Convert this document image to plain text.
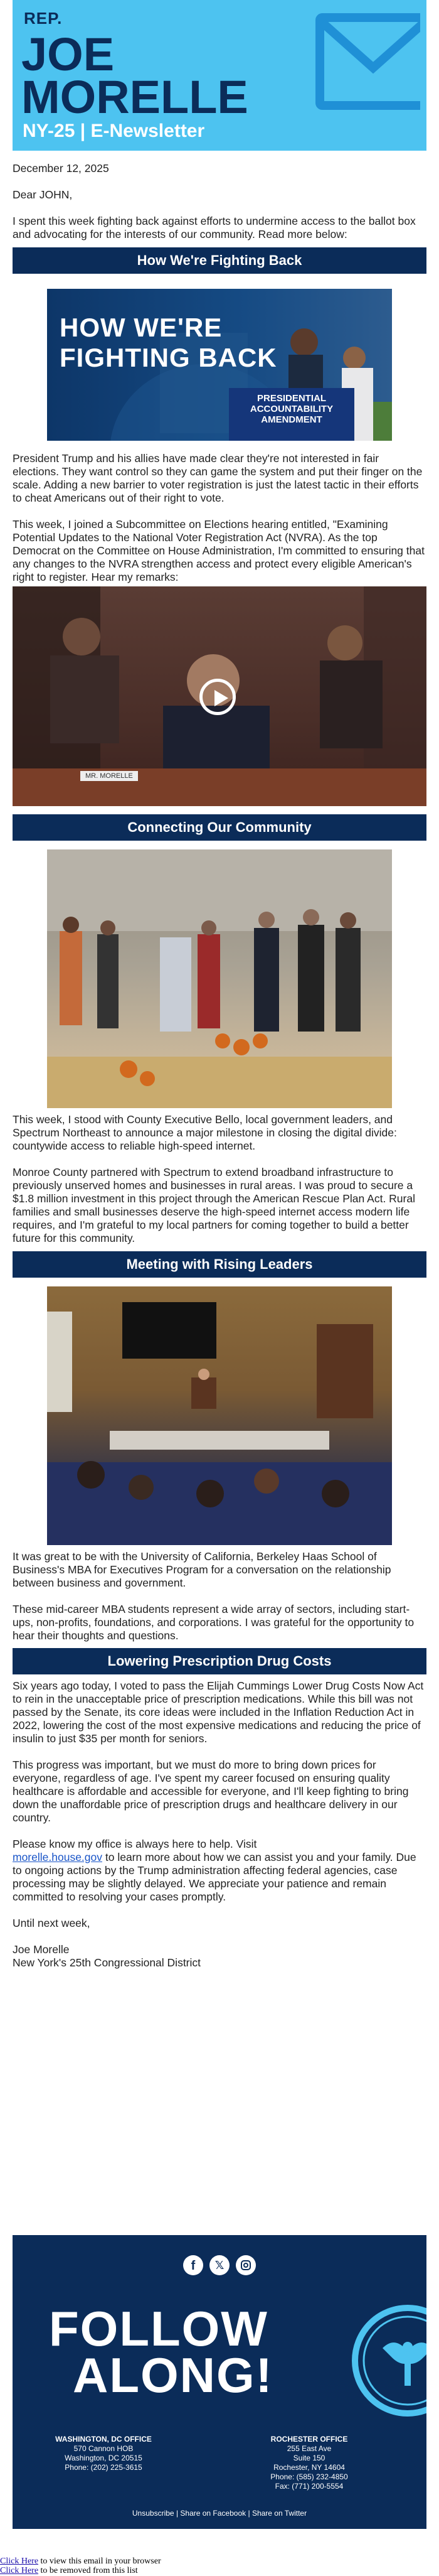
REP.
JOE
MORELLE
NY-25 | E-Newsletter

December 12, 2025

Dear JOHN,

I spent this week fighting back against efforts to undermine access to the ballot box and advocating for the interests of our community. Read more below:

How We're Fighting Back
HOW WE'RE
FIGHTING BACK
PRESIDENTIAL
ACCOUNTABILITY
AMENDMENT

President Trump and his allies have made clear they're not interested in fair elections. They want control so they can game the system and put their finger on the scale. Adding a new barrier to voter registration is just the latest tactic in their efforts to cheat Americans out of their right to vote.

This week, I joined a Subcommittee on Elections hearing entitled, "Examining Potential Updates to the National Voter Registration Act (NVRA). As the top Democrat on the Committee on House Administration, I'm committed to ensuring that any changes to the NVRA strengthen access and protect every eligible American's right to register. Hear my remarks:

MR. MORELLE
Connecting Our Community

This week, I stood with County Executive Bello, local government leaders, and Spectrum Northeast to announce a major milestone in closing the digital divide: countywide access to reliable high-speed internet.

Monroe County partnered with Spectrum to extend broadband infrastructure to previously unserved homes and businesses in rural areas. I was proud to secure a $1.8 million investment in this project through the American Rescue Plan Act. Rural families and small businesses deserve the high-speed internet access modern life requires, and I'm grateful to my local partners for coming together to build a better future for this community.

Meeting with Rising Leaders

It was great to be with the University of California, Berkeley Haas School of Business's MBA for Executives Program for a conversation on the relationship between business and government.

These mid-career MBA students represent a wide array of sectors, including start-ups, non-profits, foundations, and corporations. I was grateful for the opportunity to hear their thoughts and questions.

Lowering Prescription Drug Costs

Six years ago today, I voted to pass the Elijah Cummings Lower Drug Costs Now Act to rein in the unacceptable price of prescription medications. While this bill was not passed by the Senate, its core ideas were included in the Inflation Reduction Act in 2022, lowering the cost of the most expensive medications and reducing the price of insulin to just $35 per month for seniors.

This progress was important, but we must do more to bring down prices for everyone, regardless of age. I've spent my career focused on ensuring quality healthcare is affordable and accessible for everyone, and I'll keep fighting to bring down the unaffordable price of prescription drugs and healthcare delivery in our country.

Please know my office is always here to help. Visit
morelle.house.gov to learn more about how we can assist you and your family. Due to ongoing actions by the Trump administration affecting federal agencies, case processing may be slightly delayed. We appreciate your patience and remain committed to resolving your cases promptly.

Until next week,

Joe Morelle

New York's 25th Congressional District

f	𝕏
FOLLOW
ALONG!
WASHINGTON, DC OFFICE
570 Cannon HOB
Washington, DC 20515
Phone: (202) 225-3615
ROCHESTER OFFICE
255 East Ave
Suite 150
Rochester, NY 14604
Phone: (585) 232-4850
Fax: (771) 200-5554
Unsubscribe | Share on Facebook | Share on Twitter
Click Here to view this email in your browser
Click Here to be removed from this list
